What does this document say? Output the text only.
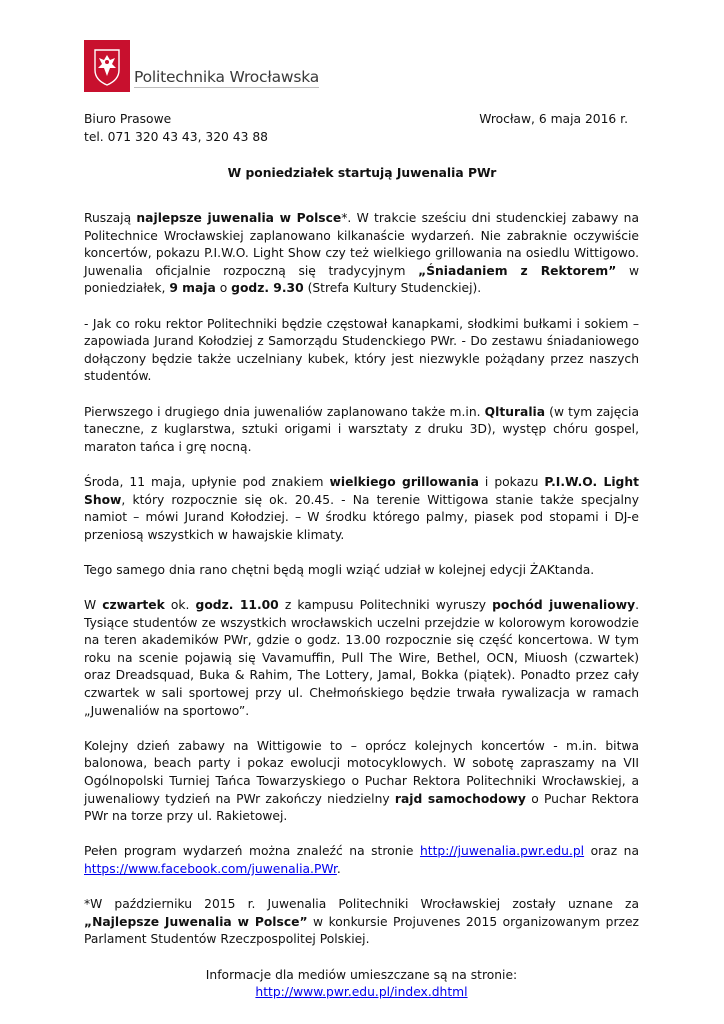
Politechnika Wrocławska
Biuro Prasowe
tel. 071 320 43 43, 320 43 88
Wrocław, 6 maja 2016 r.
W poniedziałek startują Juwenalia PWr

Ruszają najlepsze juwenalia w Polsce*. W trakcie sześciu dni studenckiej zabawy na Politechnice Wrocławskiej zaplanowano kilkanaście wydarzeń. Nie zabraknie oczywiście koncertów, pokazu P.I.W.O. Light Show czy też wielkiego grillowania na osiedlu Wittigowo. Juwenalia oficjalnie rozpoczną się tradycyjnym „Śniadaniem z Rektorem” w poniedziałek, 9 maja o godz. 9.30 (Strefa Kultury Studenckiej).

- Jak co roku rektor Politechniki będzie częstował kanapkami, słodkimi bułkami i sokiem – zapowiada Jurand Kołodziej z Samorządu Studenckiego PWr. - Do zestawu śniadaniowego dołączony będzie także uczelniany kubek, który jest niezwykle pożądany przez naszych studentów.

Pierwszego i drugiego dnia juwenaliów zaplanowano także m.in. Qlturalia (w tym zajęcia taneczne, z kuglarstwa, sztuki origami i warsztaty z druku 3D), występ chóru gospel, maraton tańca i grę nocną.

Środa, 11 maja, upłynie pod znakiem wielkiego grillowania i pokazu P.I.W.O. Light Show, który rozpocznie się ok. 20.45. - Na terenie Wittigowa stanie także specjalny namiot – mówi Jurand Kołodziej. – W środku którego palmy, piasek pod stopami i DJ-e przeniosą wszystkich w hawajskie klimaty.

Tego samego dnia rano chętni będą mogli wziąć udział w kolejnej edycji ŻAKtanda.

W czwartek ok. godz. 11.00 z kampusu Politechniki wyruszy pochód juwenaliowy. Tysiące studentów ze wszystkich wrocławskich uczelni przejdzie w kolorowym korowodzie na teren akademików PWr, gdzie o godz. 13.00 rozpocznie się część koncertowa. W tym roku na scenie pojawią się Vavamuffin, Pull The Wire, Bethel, OCN, Miuosh (czwartek) oraz Dreadsquad, Buka & Rahim, The Lottery, Jamal, Bokka (piątek). Ponadto przez cały czwartek w sali sportowej przy ul. Chełmońskiego będzie trwała rywalizacja w ramach „Juwenaliów na sportowo”.

Kolejny dzień zabawy na Wittigowie to – oprócz kolejnych koncertów - m.in. bitwa balonowa, beach party i pokaz ewolucji motocyklowych. W sobotę zapraszamy na VII Ogólnopolski Turniej Tańca Towarzyskiego o Puchar Rektora Politechniki Wrocławskiej, a juwenaliowy tydzień na PWr zakończy niedzielny rajd samochodowy o Puchar Rektora PWr na torze przy ul. Rakietowej.

Pełen program wydarzeń można znaleźć na stronie http://juwenalia.pwr.edu.pl oraz na https://www.facebook.com/juwenalia.PWr.

*W październiku 2015 r. Juwenalia Politechniki Wrocławskiej zostały uznane za „Najlepsze Juwenalia w Polsce” w konkursie Projuvenes 2015 organizowanym przez Parlament Studentów Rzeczpospolitej Polskiej.

Informacje dla mediów umieszczane są na stronie:
http://www.pwr.edu.pl/index.dhtml
